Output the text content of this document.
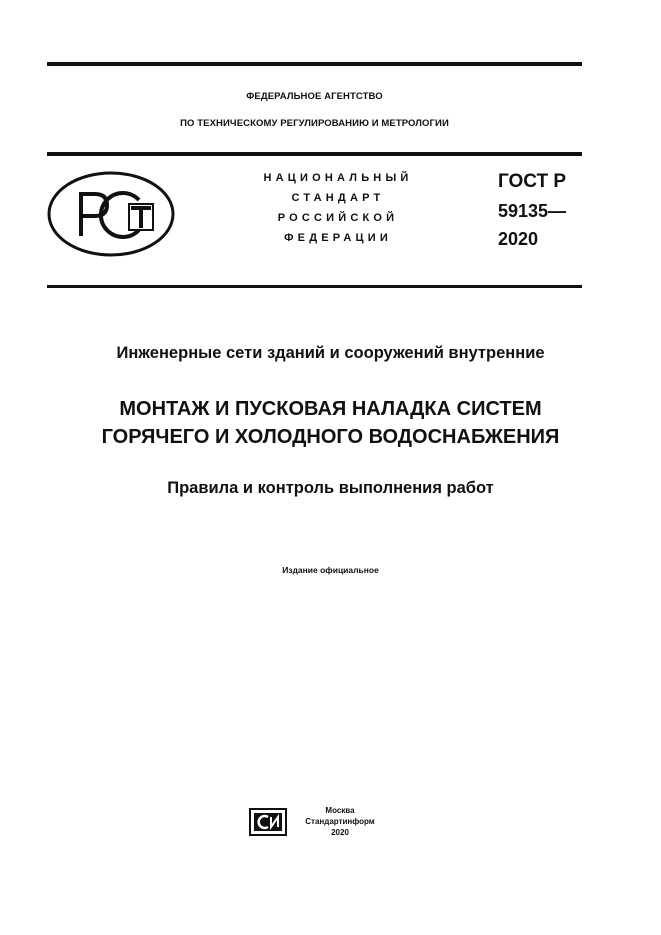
ФЕДЕРАЛЬНОЕ АГЕНТСТВО
ПО ТЕХНИЧЕСКОМУ РЕГУЛИРОВАНИЮ И МЕТРОЛОГИИ
НАЦИОНАЛЬНЫЙ
СТАНДАРТ
РОССИЙСКОЙ
ФЕДЕРАЦИИ
ГОСТ Р
59135—
2020
Инженерные сети зданий и сооружений внутренние
МОНТАЖ И ПУСКОВАЯ НАЛАДКА СИСТЕМ
ГОРЯЧЕГО И ХОЛОДНОГО ВОДОСНАБЖЕНИЯ
Правила и контроль выполнения работ
Издание официальное
Москва
Стандартинформ
2020
